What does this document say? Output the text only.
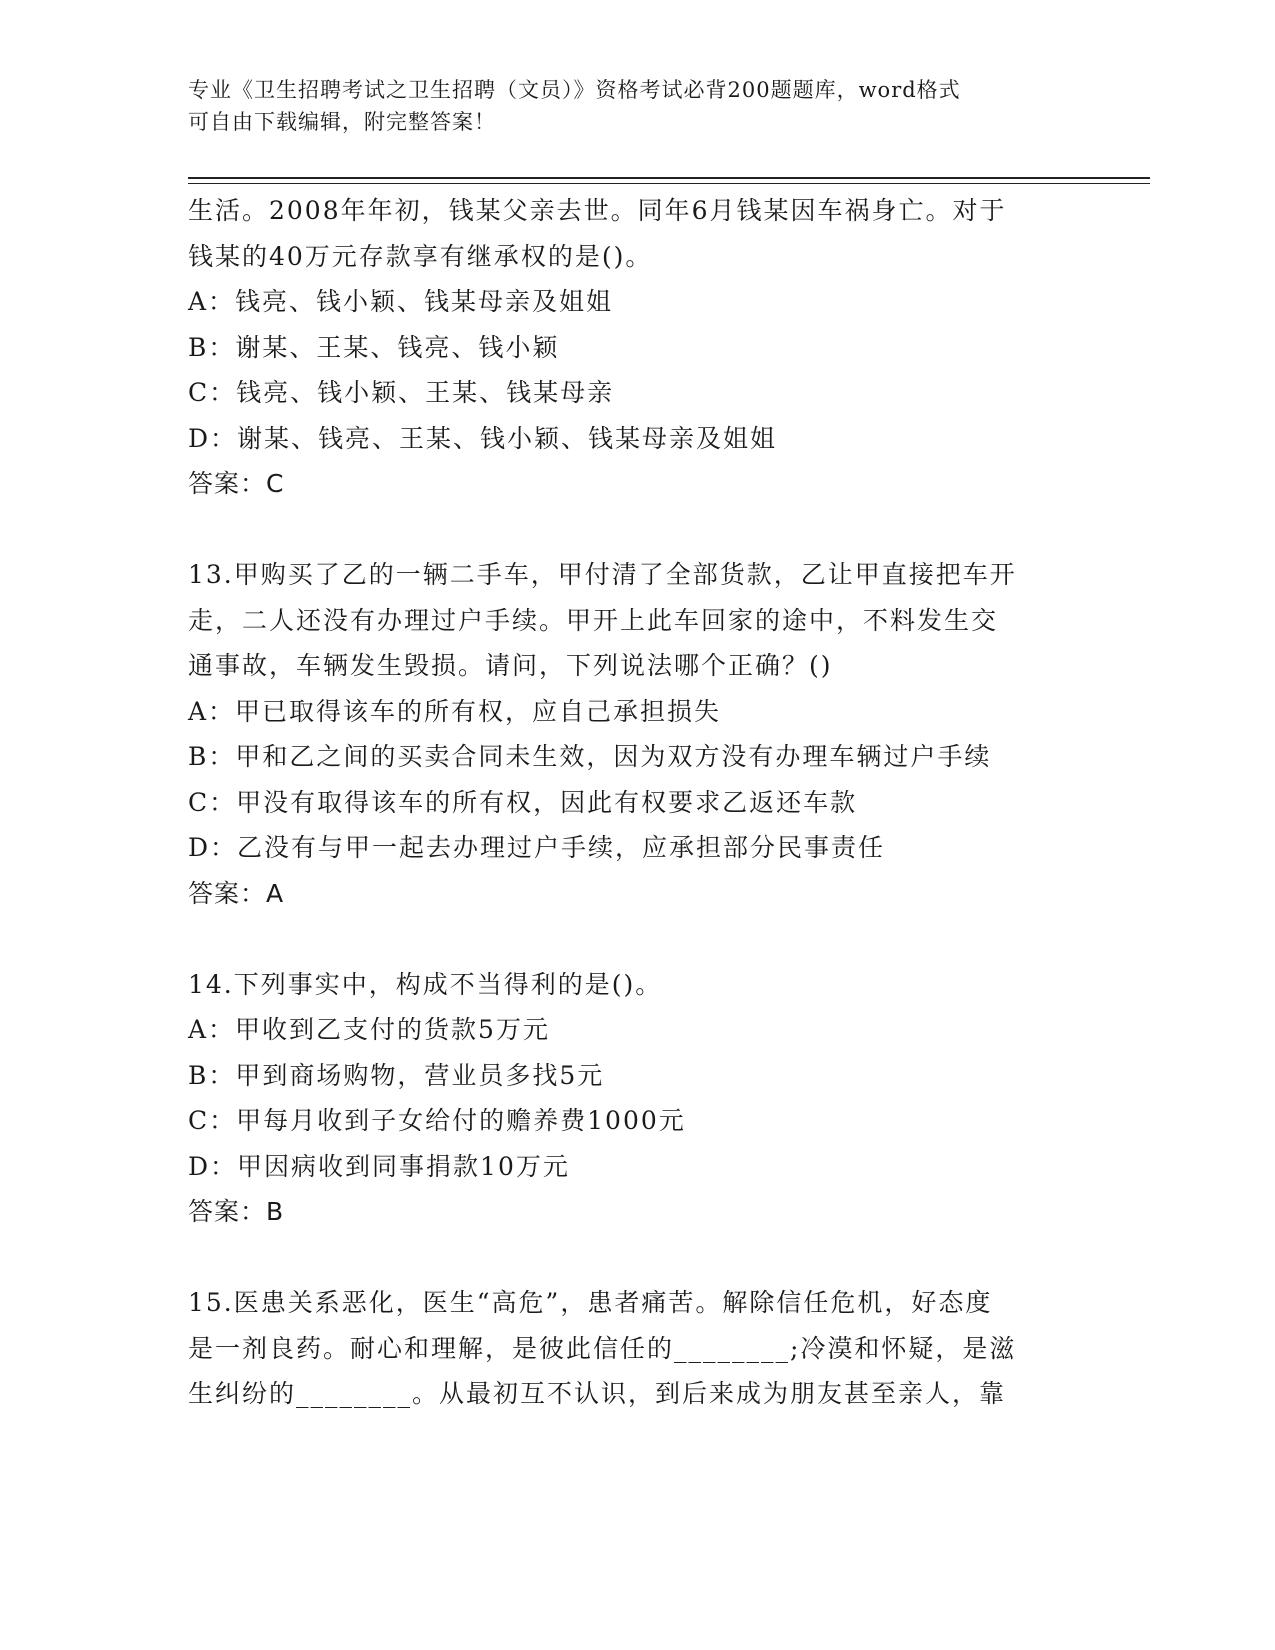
专业《卫生招聘考试之卫生招聘（文员）》资格考试必背200题题库，word格式
可自由下载编辑，附完整答案！
生活。2008年年初，钱某父亲去世。同年6月钱某因车祸身亡。对于
钱某的40万元存款享有继承权的是()。
A：钱亮、钱小颖、钱某母亲及姐姐
B：谢某、王某、钱亮、钱小颖
C：钱亮、钱小颖、王某、钱某母亲
D：谢某、钱亮、王某、钱小颖、钱某母亲及姐姐
答案：C
13.甲购买了乙的一辆二手车，甲付清了全部货款，乙让甲直接把车开
走，二人还没有办理过户手续。甲开上此车回家的途中，不料发生交
通事故，车辆发生毁损。请问，下列说法哪个正确？()
A：甲已取得该车的所有权，应自己承担损失
B：甲和乙之间的买卖合同未生效，因为双方没有办理车辆过户手续
C：甲没有取得该车的所有权，因此有权要求乙返还车款
D：乙没有与甲一起去办理过户手续，应承担部分民事责任
答案：A
14.下列事实中，构成不当得利的是()。
A：甲收到乙支付的货款5万元
B：甲到商场购物，营业员多找5元
C：甲每月收到子女给付的赡养费1000元
D：甲因病收到同事捐款10万元
答案：B
15.医患关系恶化，医生“高危”，患者痛苦。解除信任危机，好态度
是一剂良药。耐心和理解，是彼此信任的________;冷漠和怀疑，是滋
生纠纷的________。从最初互不认识，到后来成为朋友甚至亲人，靠
